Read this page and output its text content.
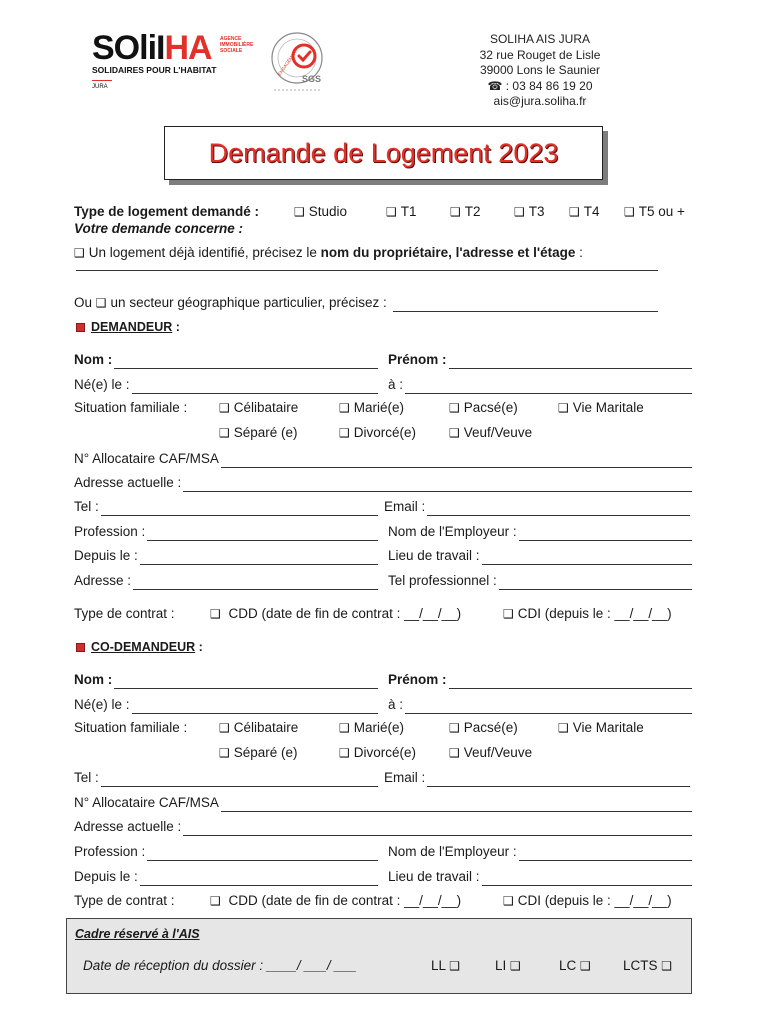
SOliIHA AGENCE
IMMOBILIÈRE
SOCIALE
SOLIDAIRES POUR L'HABITAT
JURA
ENGAGEMENT
SGS
SOLIHA AIS JURA
32 rue Rouget de Lisle
39000 Lons le Saunier
☎ : 03 84 86 19 20
ais@jura.soliha.fr
Demande de Logement 2023
Type de logement demandé :	❑ Studio	❑ T1	❑ T2	❑ T3 ❑ T4 ❑ T5 ou +
Votre demande concerne :
❑ Un logement déjà identifié, précisez le nom du propriétaire, l'adresse et l'étage :
Ou
❑ un secteur géographique particulier, précisez :
DEMANDEUR :
Nom :	Prénom :
Né(e) le :	à :
Situation familiale :	❑ Célibataire	❑ Marié(e)	❑ Pacsé(e)	❑ Vie Maritale
❑ Séparé (e)	❑ Divorcé(e)	❑ Veuf/Veuve
N° Allocataire CAF/MSA
Adresse actuelle :
Tel :	Email :
Profession :	Nom de l'Employeur :
Depuis le :	Lieu de travail :
Adresse :	Tel professionnel :
Type de contrat :	❑ CDD (date de fin de contrat : __/__/__)	❑ CDI (depuis le : __/__/__)
CO-DEMANDEUR :
Nom :	Prénom :
Né(e) le :	à :
Situation familiale :	❑ Célibataire	❑ Marié(e)	❑ Pacsé(e)	❑ Vie Maritale
❑ Séparé (e)	❑ Divorcé(e)	❑ Veuf/Veuve
Tel :	Email :
N° Allocataire CAF/MSA
Adresse actuelle :
Profession :	Nom de l'Employeur :
Depuis le :	Lieu de travail :
Type de contrat :	❑ CDD (date de fin de contrat : __/__/__)	❑ CDI (depuis le : __/__/__)
Cadre réservé à l'AIS
Date de réception du dossier : ____/ ___/ ___	LL ❑	LI ❑	LC ❑ LCTS ❑
